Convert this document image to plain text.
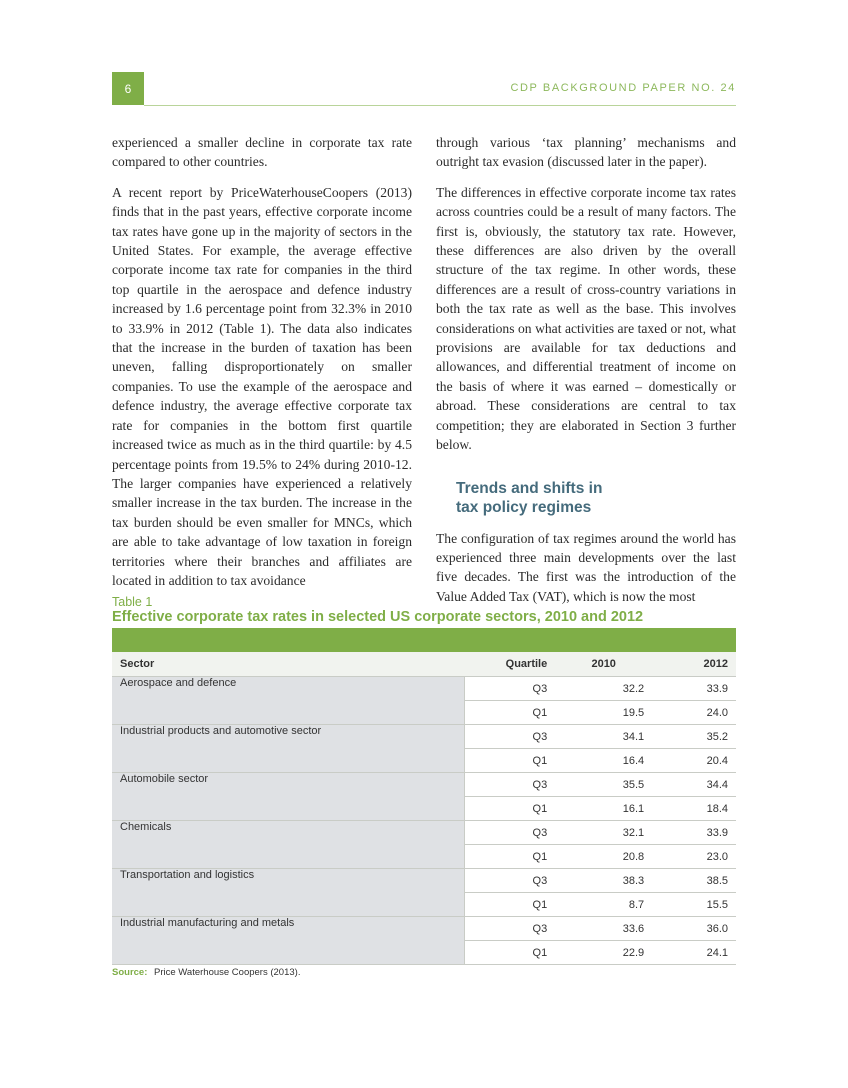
6	CDP BACKGROUND PAPER NO. 24

experienced a smaller decline in corporate tax rate compared to other countries.

A recent report by PriceWaterhouseCoopers (2013) finds that in the past years, effective corporate income tax rates have gone up in the majority of sectors in the United States. For example, the average effective corporate income tax rate for companies in the third top quartile in the aerospace and defence industry increased by 1.6 percentage point from 32.3% in 2010 to 33.9% in 2012 (Table 1). The data also indicates that the increase in the burden of taxation has been uneven, falling disproportionately on smaller companies. To use the example of the aerospace and defence industry, the average effective corporate tax rate for companies in the bottom first quartile increased twice as much as in the third quartile: by 4.5 percentage points from 19.5% to 24% during 2010-12. The larger companies have experienced a relatively smaller increase in the tax burden. The increase in the tax burden should be even smaller for MNCs, which are able to take advantage of low taxation in foreign territories where their branches and affiliates are located in addition to tax avoidance

through various ‘tax planning’ mechanisms and outright tax evasion (discussed later in the paper).

The differences in effective corporate income tax rates across countries could be a result of many factors. The first is, obviously, the statutory tax rate. However, these differences are also driven by the overall structure of the tax regime. In other words, these differences are a result of cross-country variations in both the tax rate as well as the base. This involves considerations on what activities are taxed or not, what provisions are available for tax deductions and allowances, and differential treatment of income on the basis of where it was earned – domestically or abroad. These considerations are central to tax competition; they are elaborated in Section 3 further below.

Trends and shifts in
tax policy regimes

The configuration of tax regimes around the world has experienced three main developments over the last five decades. The first was the introduction of the Value Added Tax (VAT), which is now the most

Table 1
Effective corporate tax rates in selected US corporate sectors, 2010 and 2012
Sector	Quartile	2010	2012
Aerospace and defence	Q3	32.2	33.9
	Q1	19.5	24.0
Industrial products and automotive sector	Q3	34.1	35.2
	Q1	16.4	20.4
Automobile sector	Q3	35.5	34.4
	Q1	16.1	18.4
Chemicals	Q3	32.1	33.9
	Q1	20.8	23.0
Transportation and logistics	Q3	38.3	38.5
	Q1	8.7	15.5
Industrial manufacturing and metals	Q3	33.6	36.0
	Q1	22.9	24.1
Source: Price Waterhouse Coopers (2013).
